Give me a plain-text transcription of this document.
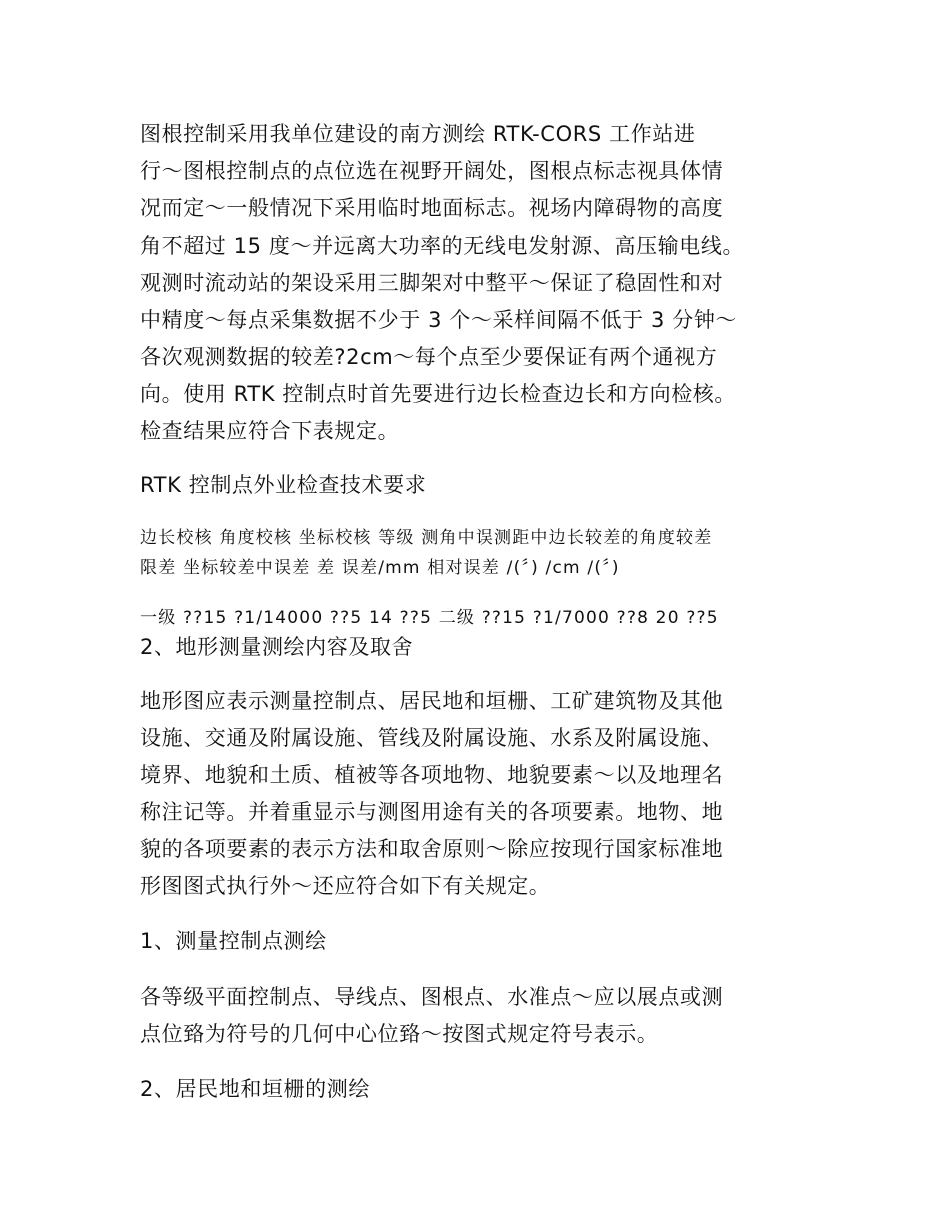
图根控制采用我单位建设的南方测绘 RTK-CORS 工作站进
行～图根控制点的点位选在视野开阔处，图根点标志视具体情
况而定～一般情况下采用临时地面标志。视场内障碍物的高度
角不超过 15 度～并远离大功率的无线电发射源、高压输电线。
观测时流动站的架设采用三脚架对中整平～保证了稳固性和对
中精度～每点采集数据不少于 3 个～采样间隔不低于 3 分钟～
各次观测数据的较差?2cm～每个点至少要保证有两个通视方
向。使用 RTK 控制点时首先要进行边长检查边长和方向检核。
检查结果应符合下表规定。
RTK 控制点外业检查技术要求
边长校核 角度校核 坐标校核 等级 测角中误测距中边长较差的角度较差
限差 坐标较差中误差 差 误差/mm 相对误差 /(〞) /cm /(〞)
一级 ??15 ?1/14000 ??5 14 ??5 二级 ??15 ?1/7000 ??8 20 ??5
2、地形测量测绘内容及取舍
地形图应表示测量控制点、居民地和垣栅、工矿建筑物及其他
设施、交通及附属设施、管线及附属设施、水系及附属设施、
境界、地貌和土质、植被等各项地物、地貌要素～以及地理名
称注记等。并着重显示与测图用途有关的各项要素。地物、地
貌的各项要素的表示方法和取舍原则～除应按现行国家标准地
形图图式执行外～还应符合如下有关规定。
1、测量控制点测绘
各等级平面控制点、导线点、图根点、水准点～应以展点或测
点位臵为符号的几何中心位臵～按图式规定符号表示。
2、居民地和垣栅的测绘
